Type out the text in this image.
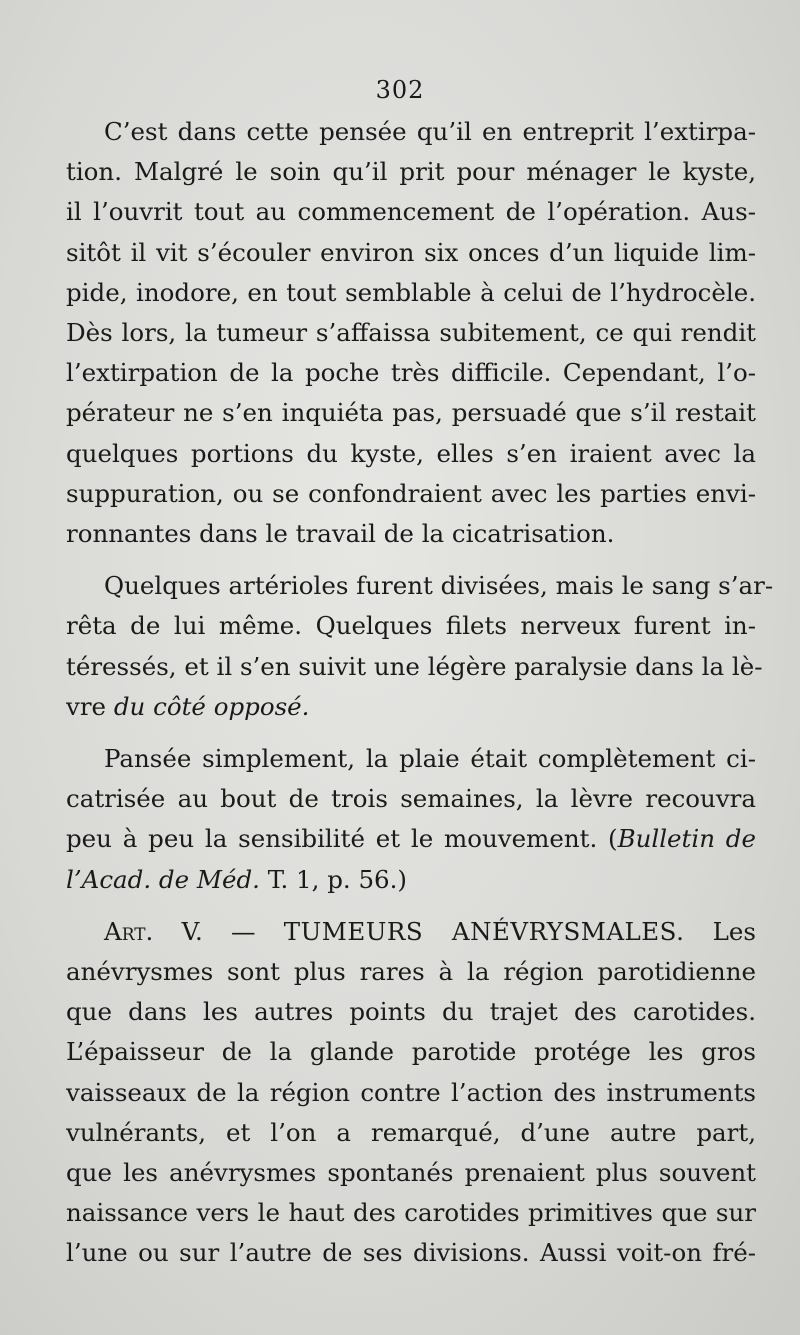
302
C’est dans cette pensée qu’il en entreprit l’extirpa-
tion. Malgré le soin qu’il prit pour ménager le kyste,
il l’ouvrit tout au commencement de l’opération. Aus-
sitôt il vit s’écouler environ six onces d’un liquide lim-
pide, inodore, en tout semblable à celui de l’hydrocèle.
Dès lors, la tumeur s’affaissa subitement, ce qui rendit
l’extirpation de la poche très difficile. Cependant, l’o-
pérateur ne s’en inquiéta pas, persuadé que s’il restait
quelques portions du kyste, elles s’en iraient avec la
suppuration, ou se confondraient avec les parties envi-
ronnantes dans le travail de la cicatrisation.
Quelques artérioles furent divisées, mais le sang s’ar-
rêta de lui même. Quelques filets nerveux furent in-
téressés, et il s’en suivit une légère paralysie dans la lè-
vre du côté opposé.
Pansée simplement, la plaie était complètement ci-
catrisée au bout de trois semaines, la lèvre recouvra
peu à peu la sensibilité et le mouvement. (Bulletin de
l’Acad. de Méd. T. 1, p. 56.)
Art. V. — TUMEURS ANÉVRYSMALES. Les
anévrysmes sont plus rares à la région parotidienne
que dans les autres points du trajet des carotides.
L’épaisseur de la glande parotide protége les gros
vaisseaux de la région contre l’action des instruments
vulnérants, et l’on a remarqué, d’une autre part,
que les anévrysmes spontanés prenaient plus souvent
naissance vers le haut des carotides primitives que sur
l’une ou sur l’autre de ses divisions. Aussi voit-on fré-
